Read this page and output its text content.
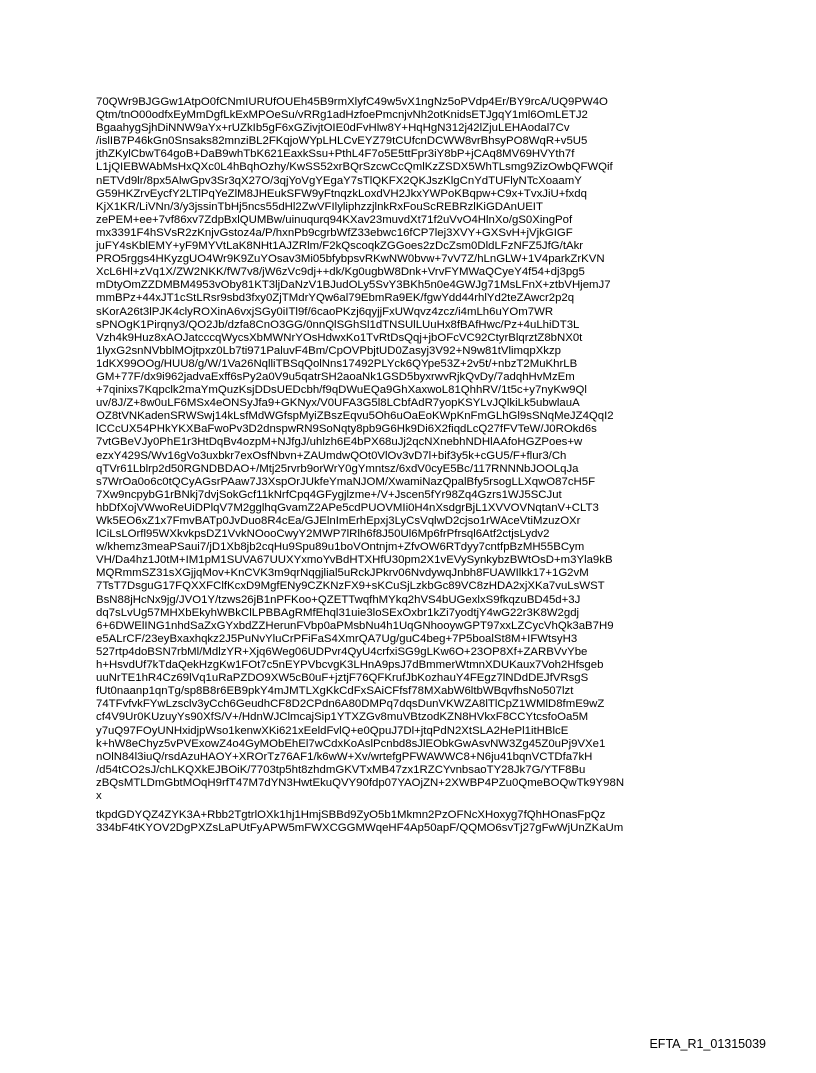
70QWr9BJGGw1AtpO0fCNmIURUfOUEh45B9rmXlyfC49w5vX1ngNz5oPVdp4Er/BY9rcA/UQ9PW4O
Qtm/tnO00odfxEyMmDgfLkExMPOeSu/vRRg1adHzfoePmcnjvNh2otKnidsETJgqY1ml6OmLETJ2
BgaahygSjhDiNNW9aYx+rUZkIb5gF6xGZivjtOIE0dFvHlw8Y+HqHgN312j42lZjuLEHAodal7Cv
/islIB7P46kGn0Snsaks82mnziBL2FKqjoWYpLHLCvEYZ79tCUfcnDCWW8vrBhsyPO8WqR+v5U5
jthZKylCbwT64goB+DaB9whTbK621EaxkSsu+PthL4F7o5E5ttFpr3iY8bP+jCAq8MV69HVYth7f
L1jQIEBWAbMsHxQXc0L4hBqhOzhy/KwSS52xrBQrSzcwCcQmlKzZSDX5WhTLsmg9ZizOwbQFWQif
nETVd9lr/8px5AlwGpv3Sr3qX27O/3qjYoVgYEgaY7sTlQKFX2QKJszKlgCnYdTUFlyNTcXoaamY
G59HKZrvEycfY2LTlPqYeZlM8JHEukSFW9yFtnqzkLoxdVH2JkxYWPoKBqpw+C9x+TvxJiU+fxdq
KjX1KR/LiVNn/3/y3jssinTbHj5ncs55dHl2ZwVFIlyliphzzjlnkRxFouScREBRzlKiGDAnUEIT
zePEM+ee+7vf86xv7ZdpBxlQUMBw/uinuqurq94KXav23muvdXt71f2uVvO4HlnXo/gS0XingPof
mx3391F4hSVsR2zKnjvGstoz4a/P/hxnPb9cgrbWfZ33ebwc16fCP7lej3XVY+GXSvH+jVjkGIGF
juFY4sKblEMY+yF9MYVtLaK8NHt1AJZRlm/F2kQscoqkZGGoes2zDcZsm0DldLFzNFZ5JfG/tAkr
PRO5rggs4HKyzgUO4Wr9K9ZuYOsav3Mi05bfybpsvRKwNW0bvw+7vV7Z/hLnGLW+1V4parkZrKVN
XcL6Hl+zVq1X/ZW2NKK/fW7v8/jW6zVc9dj++dk/Kg0ugbW8Dnk+VrvFYMWaQCyeY4f54+dj3pg5
mDtyOmZZDMBM4953vOby81KT3ljDaNzV1BJudOLy5SvY3BKh5n0e4GWJg71MsLFnX+ztbVHjemJ7
mmBPz+44xJT1cStLRsr9sbd3fxy0ZjTMdrYQw6al79EbmRa9EK/fgwYdd44rhlYd2teZAwcr2p2q
sKorA26t3lPJK4clyROXinA6vxjSGy0iITl9f/6caoPKzj6qyjjFxUWqvz4zcz/i4mLh6uYOm7WR
sPNOgK1Pirqny3/QO2Jb/dzfa8CnO3GG/0nnQlSGhSl1dTNSUlLUuHx8fBAfHwc/Pz+4uLhiDT3L
Vzh4k9Huz8xAOJatcccqWycsXbMWNrYOsHdwxKo1TvRtDsQqj+jbOFcVC92CtyrBlqrztZ8bNX0t
1lyxG2snNVbblMOjtpxz0Lb7ti971PaluvF4Bm/CpOVPbjtUD0Zasyj3V92+N9w81tVlimqpXkzp
1dKX99OOg/HUU8/g/W/1Va26NqlliTBSqQolNns17492PLYck6QYpe53Z+2v5t/+nbzT2MuKhrLB
GM+77F/dx9i962jadvaExff6sPy2a0V9u5qatrSH2aoaNk1GSD5byxrwvRjkQvDy/7adqhHvMzEm
+7qinixs7Kqpclk2maYmQuzKsjDDsUEDcbh/f9qDWuEQa9GhXaxwoL81QhhRV/1t5c+y7nyKw9Ql
uv/8J/Z+8w0uLF6MSx4eONSyJfa9+GKNyx/V0UFA3G5l8LCbfAdR7yopKSYLvJQlkiLk5ubwlauA
OZ8tVNKadenSRWSwj14kLsfMdWGfspMyiZBszEqvu5Oh6uOaEoKWpKnFmGLhGl9sSNqMeJZ4QqI2
lCCcUX54PHkYKXBaFwoPv3D2dnspwRN9SoNqty8pb9G6Hk9Di6X2fiqdLcQ27fFVTeW/J0ROkd6s
7vtGBeVJy0PhE1r3HtDqBv4ozpM+NJfgJ/uhlzh6E4bPX68uJj2qcNXnebhNDHlAAfoHGZPoes+w
ezxY429S/Wv16gVo3uxbkr7exOsfNbvn+ZAUmdwQOt0VlOv3vD7l+bif3y5k+cGU5/F+flur3/Ch
qTVr61Lblrp2d50RGNDBDAO+/Mtj25rvrb9orWrY0gYmntsz/6xdV0cyE5Bc/117RNNNbJOOLqJa
s7WrOa0o6c0tQCyAGsrPAaw7J3XspOrJUkfeYmaNJOM/XwamiNazQpalBfy5rsogLLXqwO87cH5F
7Xw9ncpybG1rBNkj7dvjSokGcf11kNrfCpq4GFygjlzme+/V+Jscen5fYr98Zq4Gzrs1WJ5SCJut
hbDfXojVWwoReUiDPlqV7M2gglhqGvamZ2APe5cdPUOVMIi0H4nXsdgrBjL1XVVOVNqtanV+CLT3
Wk5EO6xZ1x7FmvBATp0JvDuo8R4cEa/GJElnImErhEpxj3LyCsVqlwD2cjso1rWAceVtiMzuzOXr
lCiLsLOrfl95WXkvkpsDZ1VvkNOooCwyY2MWP7lRlh6f8J50Ul6Mp6frPfrsql6Atf2ctjsLydv2
w/khemz3meaPSaui7/jD1Xb8jb2cqHu9Spu89u1boVOntnjm+ZfvOW6RTdyy7cntfpBzMH55BCym
VH/Da4hz1J0tM+IM1pM1SUVA67UUXYxmoYvBdHTXHfU30pm2X1vEVySynkybzBWtOsD+m3Yla9kB
MQRmmSZ31sXGjjqMov+KnCVK3m9qrNqgjlial5uRckJPkrv06NvdywqJnbh8FUAWIlkk17+1G2vM
7TsT7DsguG17FQXXFClfKcxD9MgfENy9CZKNzFX9+sKCuSjLzkbGc89VC8zHDA2xjXKa7vuLsWST
BsN88jHcNx9jg/JVO1Y/tzws26jB1nPFKoo+QZETTwqfhMYkq2hVS4bUGexlxS9fkqzuBD45d+3J
dq7sLvUg57MHXbEkyhWBkClLPBBAgRMfEhql31uie3loSExOxbr1kZi7yodtjY4wG22r3K8W2gdj
6+6DWElING1nhdSaZxGYxbdZZHerunFVbp0aPMsbNu4h1UqGNhooywGPT97xxLZCycVhQk3aB7H9
e5ALrCF/23eyBxaxhqkz2J5PuNvYluCrPFiFaS4XmrQA7Ug/guC4beg+7P5boalSt8M+IFWtsyH3
527rtp4doBSN7rbMl/MdlzYR+Xjq6Weg06UDPvr4QyU4crfxiSG9gLKw6O+23OP8Xf+ZARBVvYbe
h+HsvdUf7kTdaQekHzgKw1FOt7c5nEYPVbcvgK3LHnA9psJ7dBmmerWtmnXDUKaux7Voh2Hfsgeb
uuNrTE1hR4Cz69lVq1uRaPZDO9XW5cB0uF+jztjF76QFKrufJbKozhauY4FEgz7lNDdDEJfVRsgS
fUt0naanp1qnTg/sp8B8r6EB9pkY4mJMTLXgKkCdFxSAiCFfsf78MXabW6ltbWBqvfhsNo507lzt
74TFvfvkFYwLzsclv3yCch6GeudhCF8D2CPdn6A80DMPq7dqsDunVKWZA8lTlCpZ1WMlD8fmE9wZ
cf4V9Ur0KUzuyYs90XfS/V+/HdnWJClmcajSip1YTXZGv8muVBtzodKZN8HVkxF8CCYtcsfoOa5M
y7uQ97FOyUNHxidjpWso1kenwXKi621xEeldFvlQ+e0QpuJ7Dl+jtqPdN2XtSLA2HePl1itHBlcE
k+hW8eChyz5vPVExowZ4o4GyMObEhEl7wCdxKoAslPcnbd8sJlEObkGwAsvNW3Zg45Z0uPj9VXe1
nOlN84l3iuQ/rsdAzuHAOY+XROrTz76AF1/k6wW+Xv/wrtefgPFWAWWC8+N6ju41bqnVCTDfa7kH
/d54tCO2sJ/chLKQXkEJBOiK/7703tp5ht8zhdmGKVTxMB47zx1RZCYvnbsaoTY28Jk7G/YTF8Bu
zBQsMTLDmGbtMOqH9rfT47M7dYN3HwtEkuQVY90fdp07YAOjZN+2XWBP4PZu0QmeBOQwTk9Y98N
x
tkpdGDYQZ4ZYK3A+Rbb2TgtrlOXk1hj1HmjSBBd9ZyO5b1Mkmn2PzOFNcXHoxyg7fQhHOnasFpQz
334bF4tKYOV2DgPXZsLaPUtFyAPW5mFWXCGGMWqeHF4Ap50apF/QQMO6svTj27gFwWjUnZKaUm
EFTA_R1_01315039
